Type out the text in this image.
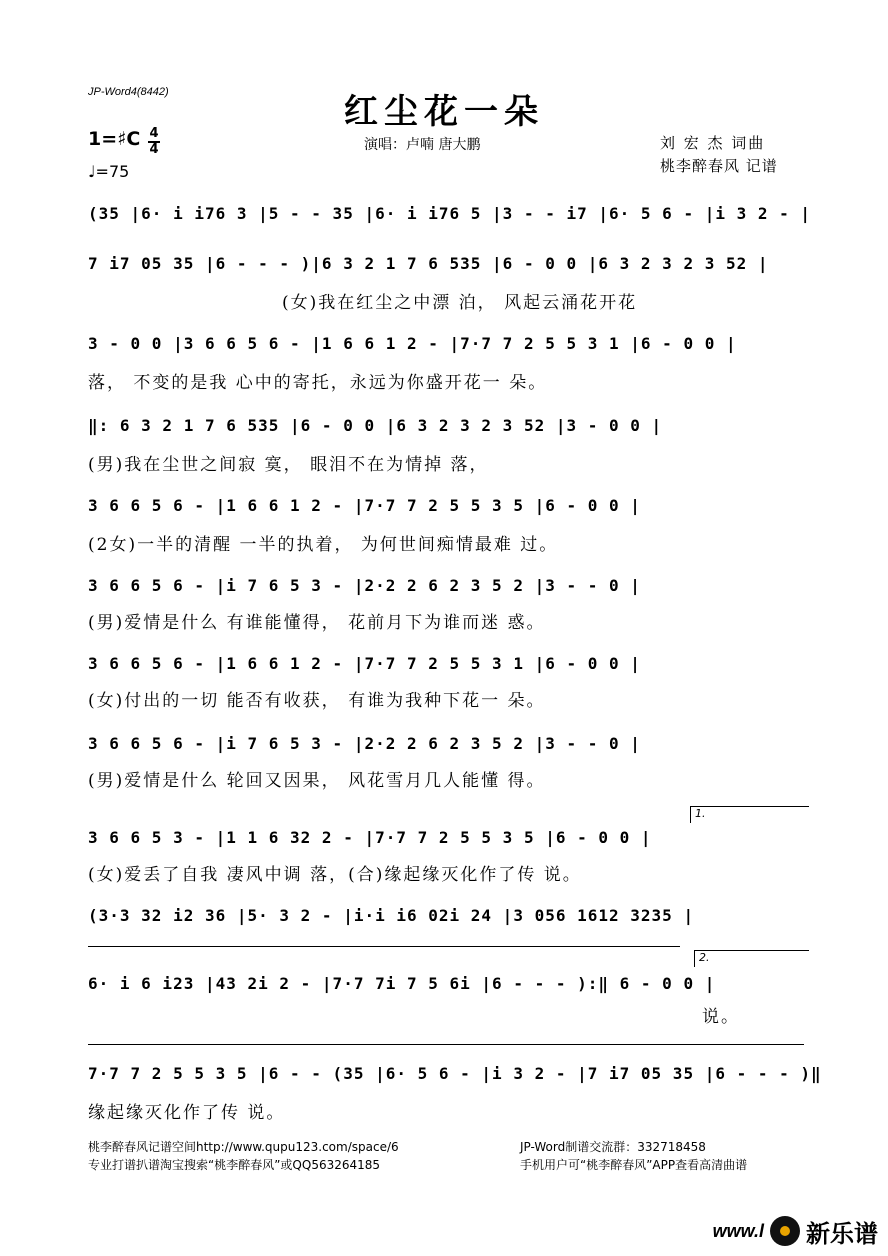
JP-Word4(8442)	红尘花一朵
1=♯C 4
4
♩=75
演唱：卢喃 唐大鹏	刘 宏 杰 词曲
桃李醉春风 记谱
(35 |6· i i76 3 |5 - - 35 |6· i i76 5 |3 - - i7 |6· 5 6 - |i 3 2 - |
7 i7 05 35 |6 - - - )|6 3 2 1 7 6 535 |6 - 0 0 |6 3 2 3 2 3 52 |
(女)我在红尘之中漂 泊， 风起云涌花开花
3 - 0 0 |3 6 6 5 6 - |1 6 6 1 2 - |7·7 7 2 5 5 3 1 |6 - 0 0 |
落， 不变的是我 心中的寄托，永远为你盛开花一 朵。
‖: 6 3 2 1 7 6 535 |6 - 0 0 |6 3 2 3 2 3 52 |3 - 0 0 |
(男)我在尘世之间寂 寞， 眼泪不在为情掉 落，
3 6 6 5 6 - |1 6 6 1 2 - |7·7 7 2 5 5 3 5 |6 - 0 0 |
(2女)一半的清醒 一半的执着， 为何世间痴情最难 过。
3 6 6 5 6 - |i 7 6 5 3 - |2·2 2 6 2 3 5 2 |3 - - 0 |
(男)爱情是什么 有谁能懂得， 花前月下为谁而迷 惑。
3 6 6 5 6 - |1 6 6 1 2 - |7·7 7 2 5 5 3 1 |6 - 0 0 |
(女)付出的一切 能否有收获， 有谁为我种下花一 朵。
3 6 6 5 6 - |i 7 6 5 3 - |2·2 2 6 2 3 5 2 |3 - - 0 |
(男)爱情是什么 轮回又因果， 风花雪月几人能懂 得。
1.
3 6 6 5 3 - |1 1 6 32 2 - |7·7 7 2 5 5 3 5 |6 - 0 0 |
(女)爱丢了自我 凄风中调 落，(合)缘起缘灭化作了传 说。
(3·3 32 i2 36 |5· 3 2 - |i·i i6 02i 24 |3 056 1612 3235 |
2.
6· i 6 i23 |43 2i 2 - |7·7 7i 7 5 6i |6 - - - ):‖ 6 - 0 0 |
说。
7·7 7 2 5 5 3 5 |6 - - (35 |6· 5 6 - |i 3 2 - |7 i7 05 35 |6 - - - )‖
缘起缘灭化作了传 说。
桃李醉春风记谱空间http://www.qupu123.com/space/6
专业打谱扒谱淘宝搜索“桃李醉春风”或QQ563264185
JP-Word制谱交流群：332718458
手机用户可“桃李醉春风”APP查看高清曲谱
www.l 新乐谱
